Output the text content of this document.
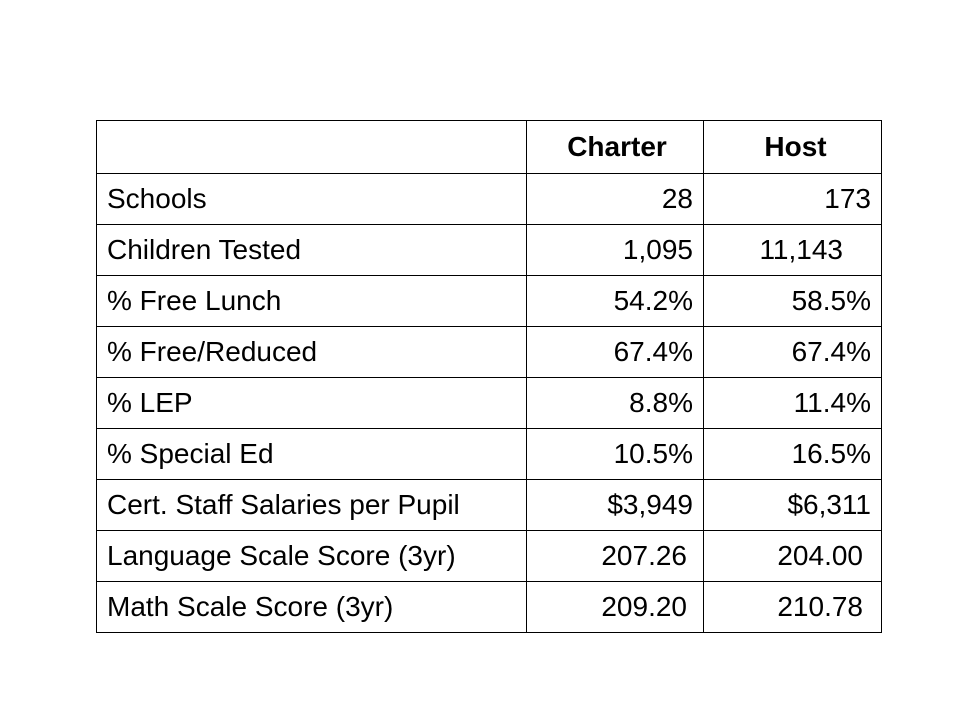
	Charter	Host
Schools	28	173
Children Tested	1,095	11,143
% Free Lunch	54.2%	58.5%
% Free/Reduced	67.4%	67.4%
% LEP	8.8%	11.4%
% Special Ed	10.5%	16.5%
Cert. Staff Salaries per Pupil	$3,949	$6,311
Language Scale Score (3yr)	207.26	204.00
Math Scale Score (3yr)	209.20	210.78
